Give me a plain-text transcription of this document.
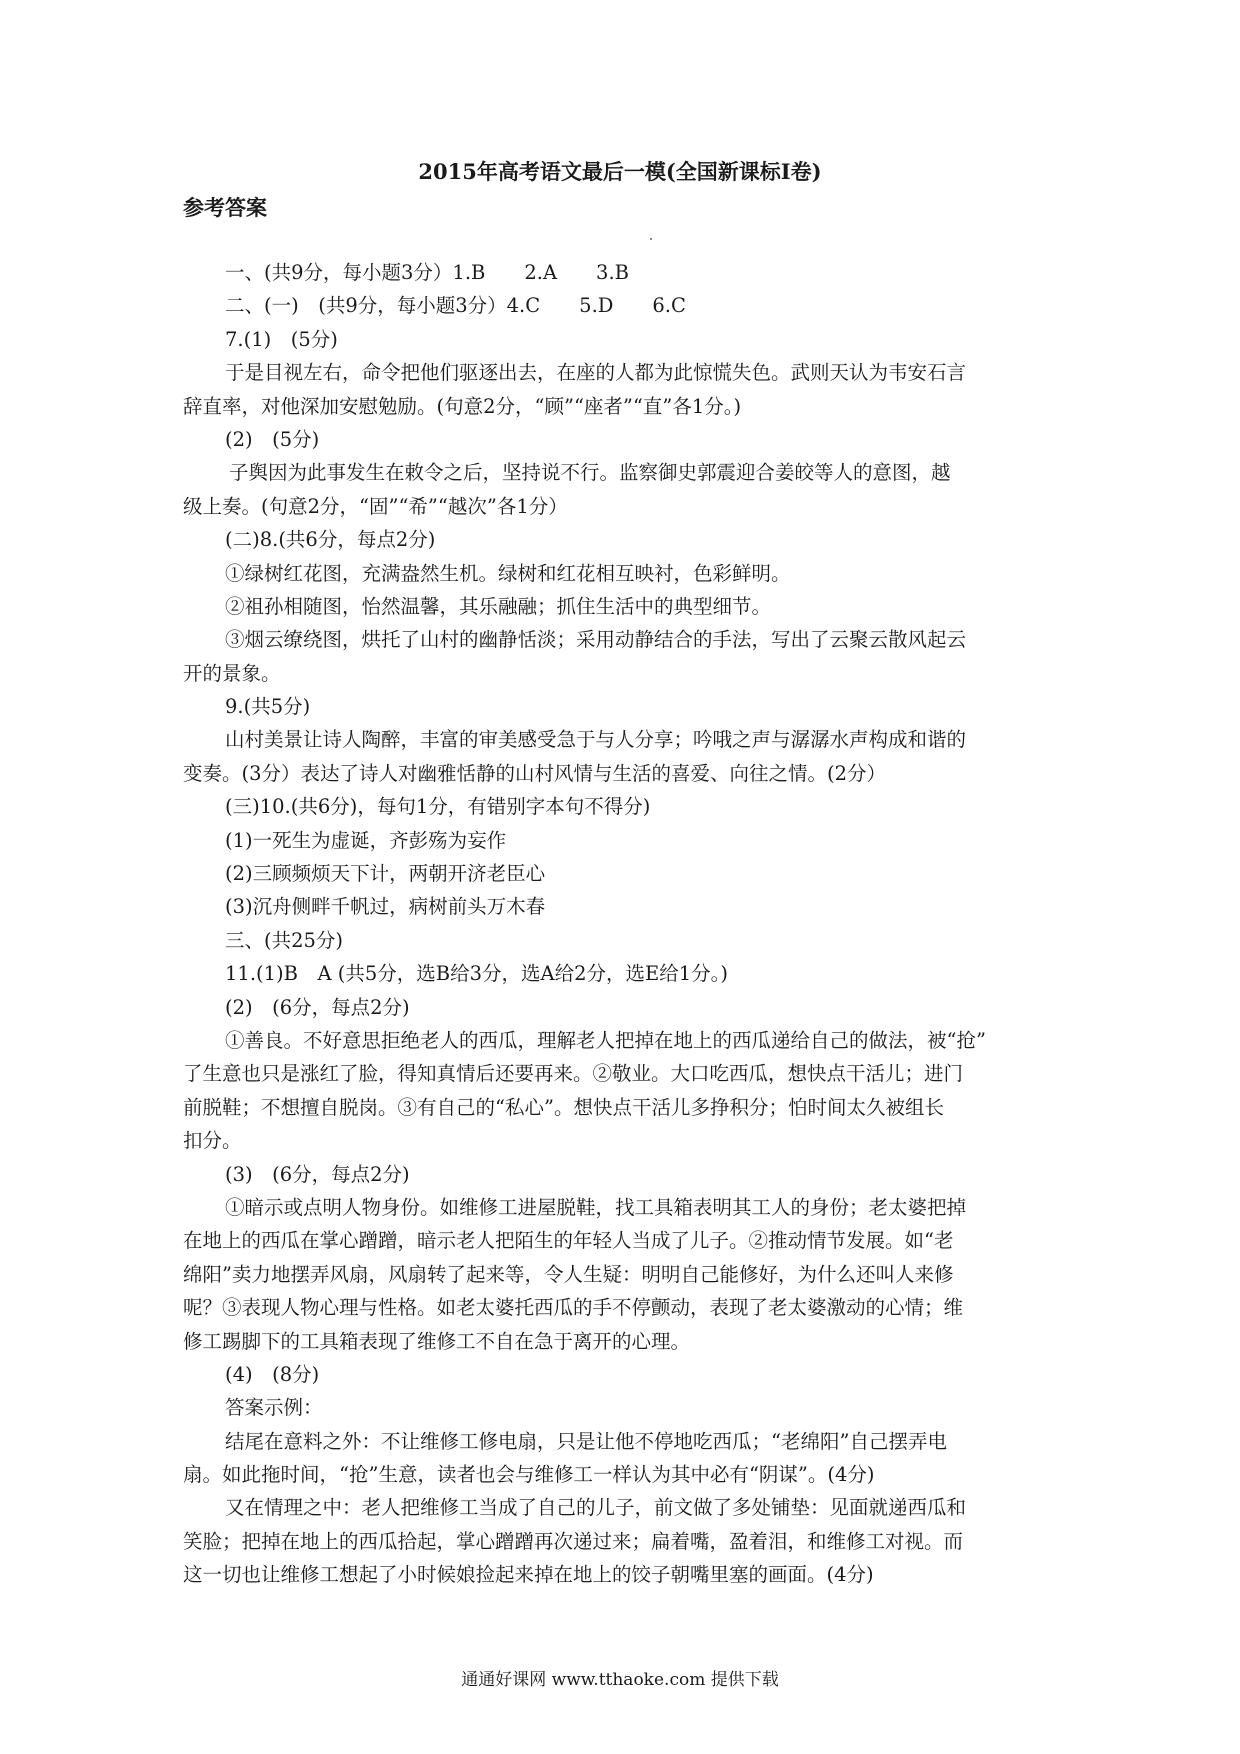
2015年高考语文最后一模(全国新课标Ⅰ卷)
参考答案
一、(共9分，每小题3分）1.B　　2.A　　3.B
二、(一)　(共9分，每小题3分）4.C　　5.D　　6.C
7.(1)　(5分)
于是目视左右，命令把他们驱逐出去，在座的人都为此惊慌失色。武则天认为韦安石言
辞直率，对他深加安慰勉励。(句意2分，“顾”“座者”“直”各1分。)
(2)　(5分)
子舆因为此事发生在敕令之后，坚持说不行。监察御史郭震迎合姜皎等人的意图，越
级上奏。(句意2分，“固”“希”“越次”各1分）
(二)8.(共6分，每点2分)
①绿树红花图，充满盎然生机。绿树和红花相互映衬，色彩鲜明。
②祖孙相随图，怡然温馨，其乐融融；抓住生活中的典型细节。
③烟云缭绕图，烘托了山村的幽静恬淡；采用动静结合的手法，写出了云聚云散风起云
开的景象。
9.(共5分)
山村美景让诗人陶醉，丰富的审美感受急于与人分享；吟哦之声与潺潺水声构成和谐的
变奏。(3分）表达了诗人对幽雅恬静的山村风情与生活的喜爱、向往之情。(2分）
(三)10.(共6分)，每句1分，有错别字本句不得分)
(1)一死生为虚诞，齐彭殇为妄作
(2)三顾频烦天下计，两朝开济老臣心
(3)沉舟侧畔千帆过，病树前头万木春
三、(共25分)
11.(1)B　A (共5分，选B给3分，选A给2分，选E给1分。)
(2)　(6分，每点2分)
①善良。不好意思拒绝老人的西瓜，理解老人把掉在地上的西瓜递给自己的做法，被“抢”
了生意也只是涨红了脸，得知真情后还要再来。②敬业。大口吃西瓜，想快点干活儿；进门
前脱鞋；不想擅自脱岗。③有自己的“私心”。想快点干活儿多挣积分；怕时间太久被组长
扣分。
(3)　(6分，每点2分)
①暗示或点明人物身份。如维修工进屋脱鞋，找工具箱表明其工人的身份；老太婆把掉
在地上的西瓜在掌心蹭蹭，暗示老人把陌生的年轻人当成了儿子。②推动情节发展。如“老
绵阳”卖力地摆弄风扇，风扇转了起来等，令人生疑：明明自己能修好，为什么还叫人来修
呢？③表现人物心理与性格。如老太婆托西瓜的手不停颤动，表现了老太婆激动的心情；维
修工踢脚下的工具箱表现了维修工不自在急于离开的心理。
(4)　(8分)
答案示例：
结尾在意料之外：不让维修工修电扇，只是让他不停地吃西瓜；“老绵阳”自己摆弄电
扇。如此拖时间，“抢”生意，读者也会与维修工一样认为其中必有“阴谋”。(4分)
又在情理之中：老人把维修工当成了自己的儿子，前文做了多处铺垫：见面就递西瓜和
笑脸；把掉在地上的西瓜拾起，掌心蹭蹭再次递过来；扁着嘴，盈着泪，和维修工对视。而
这一切也让维修工想起了小时候娘捡起来掉在地上的饺子朝嘴里塞的画面。(4分)
通通好课网 www.tthaoke.com 提供下载
